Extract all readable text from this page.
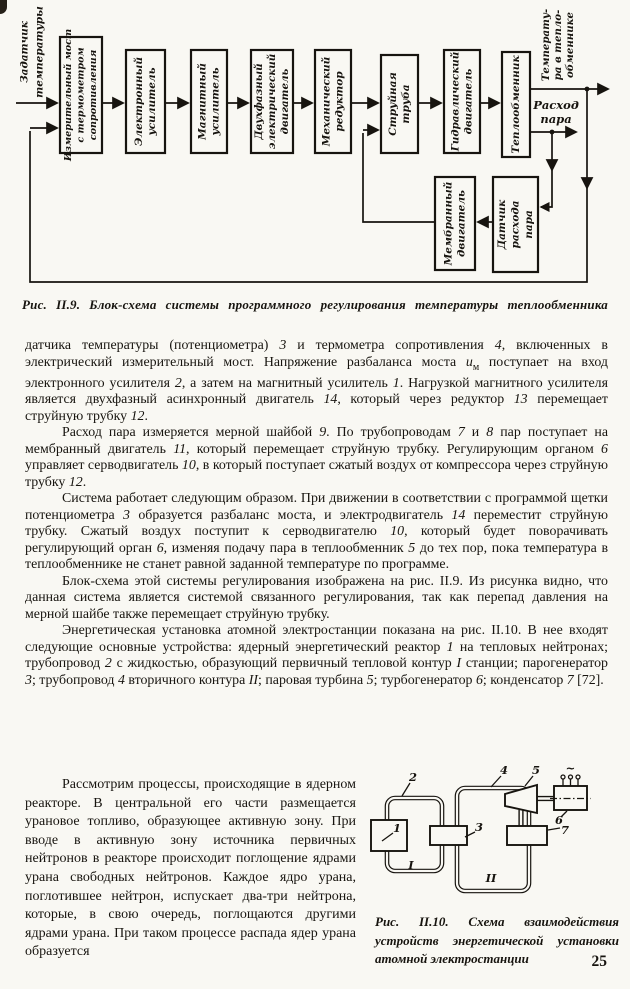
Измерительный мост с термометром сопротивления	Электронный усилитель	Магнитный усилитель	Двухфазный электрический двигатель	Механический редуктор	Струйная труба	Гидравлический двигатель	Теплообменник
Мембранный двигатель	Датчик расхода пара
Задатчик температуры	Температу- ра в тепло- обменнике
Расход
пара
Рис. II.9. Блок-схема системы программного регулирования температуры теплообменника

датчика температуры (потенциометра) 3 и термометра сопротивления 4, включенных в электрический измерительный мост. Напряжение разбаланса моста $u_м$ поступает на вход электронного усилителя 2, а затем на магнитный усилитель 1. Нагрузкой магнитного усилителя является двухфазный асинхронный двигатель 14, который через редуктор 13 перемещает струйную трубку 12.

Расход пара измеряется мерной шайбой 9. По трубопроводам 7 и 8 пар поступает на мембранный двигатель 11, который перемещает струйную трубку. Регулирующим органом 6 управляет серводвигатель 10, в который поступает сжатый воздух от компрессора через струйную трубку 12.

Система работает следующим образом. При движении в соответствии с программой щетки потенциометра 3 образуется разбаланс моста, и электродвигатель 14 переместит струйную трубку. Сжатый воздух поступит к серводвигателю 10, который будет поворачивать регулирующий орган 6, изменяя подачу пара в теплообменник 5 до тех пор, пока температура в теплообменнике не станет равной заданной температуре по программе.

Блок-схема этой системы регулирования изображена на рис. II.9. Из рисунка видно, что данная система является системой связанного регулирования, так как перепад давления на мерной шайбе также перемещает струйную трубку.

Энергетическая установка атомной электростанции показана на рис. II.10. В нее входят следующие основные устройства: ядерный энергетический реактор 1 на тепловых нейтронах; трубопровод 2 с жидкостью, образующий первичный тепловой контур I станции; парогенератор 3; трубопровод 4 вторичного контура II; паровая турбина 5; турбогенератор 6; конденсатор 7 [72].

Рассмотрим процессы, происходящие в ядерном реакторе. В центральной его части размещается урановое топливо, образующее активную зону. При вводе в активную зону источника первичных нейтронов в реакторе происходит поглощение ядрами урана свободных нейтронов. Каждое ядро урана, поглотившее нейтрон, испускает два-три нейтрона, которые, в свою очередь, поглощаются другими ядрами урана. При таком процессе распада ядер урана образуется

2
1
I
3
II
4 5 ~
6
7
Рис. II.10. Схема взаимодействия устройств энергетической установки атомной электростанции	25
